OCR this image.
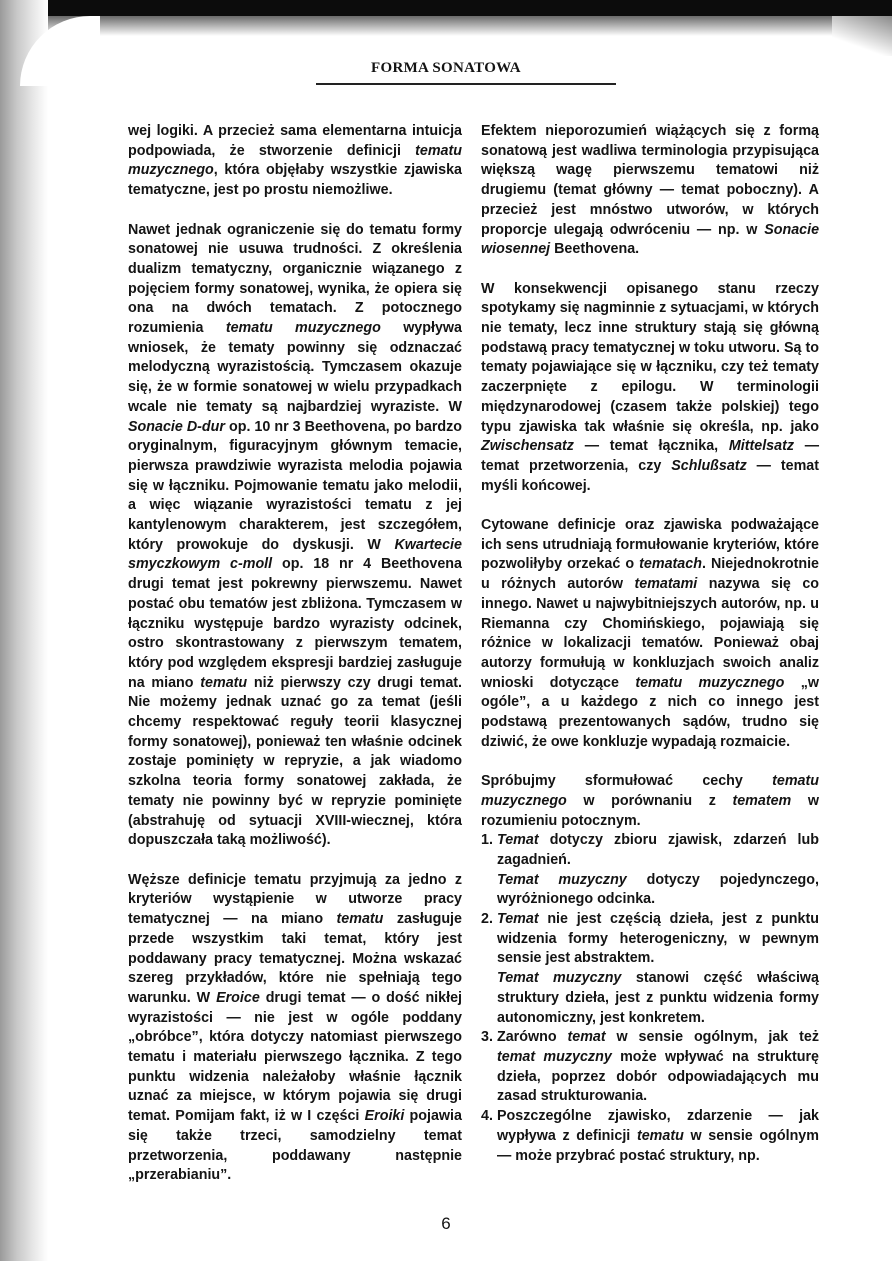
FORMA SONATOWA

wej logiki. A przecież sama elementarna intuicja podpowiada, że stworzenie definicji tematu muzycznego, która objęłaby wszystkie zjawiska tematyczne, jest po prostu niemożliwe.

Nawet jednak ograniczenie się do tematu formy sonatowej nie usuwa trudności. Z określenia dualizm tematyczny, organicznie wiązanego z pojęciem formy sonatowej, wynika, że opiera się ona na dwóch tematach. Z potocznego rozumienia tematu muzycznego wypływa wniosek, że tematy powinny się odznaczać melodyczną wyrazistością. Tymczasem okazuje się, że w formie sonatowej w wielu przypadkach wcale nie tematy są najbardziej wyraziste. W Sonacie D-dur op. 10 nr 3 Beethovena, po bardzo oryginalnym, figuracyjnym głównym temacie, pierwsza prawdziwie wyrazista melodia pojawia się w łączniku. Pojmowanie tematu jako melodii, a więc wiązanie wyrazistości tematu z jej kantylenowym charakterem, jest szczegółem, który prowokuje do dyskusji. W Kwartecie smyczkowym c-moll op. 18 nr 4 Beethovena drugi temat jest pokrewny pierwszemu. Nawet postać obu tematów jest zbliżona. Tymczasem w łączniku występuje bardzo wyrazisty odcinek, ostro skontrastowany z pierwszym tematem, który pod względem ekspresji bardziej zasługuje na miano tematu niż pierwszy czy drugi temat. Nie możemy jednak uznać go za temat (jeśli chcemy respektować reguły teorii klasycznej formy sonatowej), ponieważ ten właśnie odcinek zostaje pominięty w repryzie, a jak wiadomo szkolna teoria formy sonatowej zakłada, że tematy nie powinny być w repryzie pominięte (abstrahuję od sytuacji XVIII-wiecznej, która dopuszczała taką możliwość).

Węższe definicje tematu przyjmują za jedno z kryteriów wystąpienie w utworze pracy tematycznej — na miano tematu zasługuje przede wszystkim taki temat, który jest poddawany pracy tematycznej. Można wskazać szereg przykładów, które nie spełniają tego warunku. W Eroice drugi temat — o dość nikłej wyrazistości — nie jest w ogóle poddany „obróbce”, która dotyczy natomiast pierwszego tematu i materiału pierwszego łącznika. Z tego punktu widzenia należałoby właśnie łącznik uznać za miejsce, w którym pojawia się drugi temat. Pomijam fakt, iż w I części Eroiki pojawia się także trzeci, samodzielny temat przetworzenia, poddawany następnie „przerabianiu”.

Efektem nieporozumień wiążących się z formą sonatową jest wadliwa terminologia przypisująca większą wagę pierwszemu tematowi niż drugiemu (temat główny — temat poboczny). A przecież jest mnóstwo utworów, w których proporcje ulegają odwróceniu — np. w Sonacie wiosennej Beethovena.

W konsekwencji opisanego stanu rzeczy spotykamy się nagminnie z sytuacjami, w których nie tematy, lecz inne struktury stają się główną podstawą pracy tematycznej w toku utworu. Są to tematy pojawiające się w łączniku, czy też tematy zaczerpnięte z epilogu. W terminologii międzynarodowej (czasem także polskiej) tego typu zjawiska tak właśnie się określa, np. jako Zwischensatz — temat łącznika, Mittelsatz — temat przetworzenia, czy Schlußsatz — temat myśli końcowej.

Cytowane definicje oraz zjawiska podważające ich sens utrudniają formułowanie kryteriów, które pozwoliłyby orzekać o tematach. Niejednokrotnie u różnych autorów tematami nazywa się co innego. Nawet u najwybitniejszych autorów, np. u Riemanna czy Chomińskiego, pojawiają się różnice w lokalizacji tematów. Ponieważ obaj autorzy formułują w konkluzjach swoich analiz wnioski dotyczące tematu muzycznego „w ogóle”, a u każdego z nich co innego jest podstawą prezentowanych sądów, trudno się dziwić, że owe konkluzje wypadają rozmaicie.

Spróbujmy sformułować cechy tematu muzycznego w porównaniu z tematem w rozumieniu potocznym.

1. Temat dotyczy zbioru zjawisk, zdarzeń lub zagadnień.
Temat muzyczny dotyczy pojedynczego, wyróżnionego odcinka.
2. Temat nie jest częścią dzieła, jest z punktu widzenia formy heterogeniczny, w pewnym sensie jest abstraktem.
Temat muzyczny stanowi część właściwą struktury dzieła, jest z punktu widzenia formy autonomiczny, jest konkretem.
3. Zarówno temat w sensie ogólnym, jak też temat muzyczny może wpływać na strukturę dzieła, poprzez dobór odpowiadających mu zasad strukturowania.
4. Poszczególne zjawisko, zdarzenie — jak wypływa z definicji tematu w sensie ogólnym — może przybrać postać struktury, np.
6
